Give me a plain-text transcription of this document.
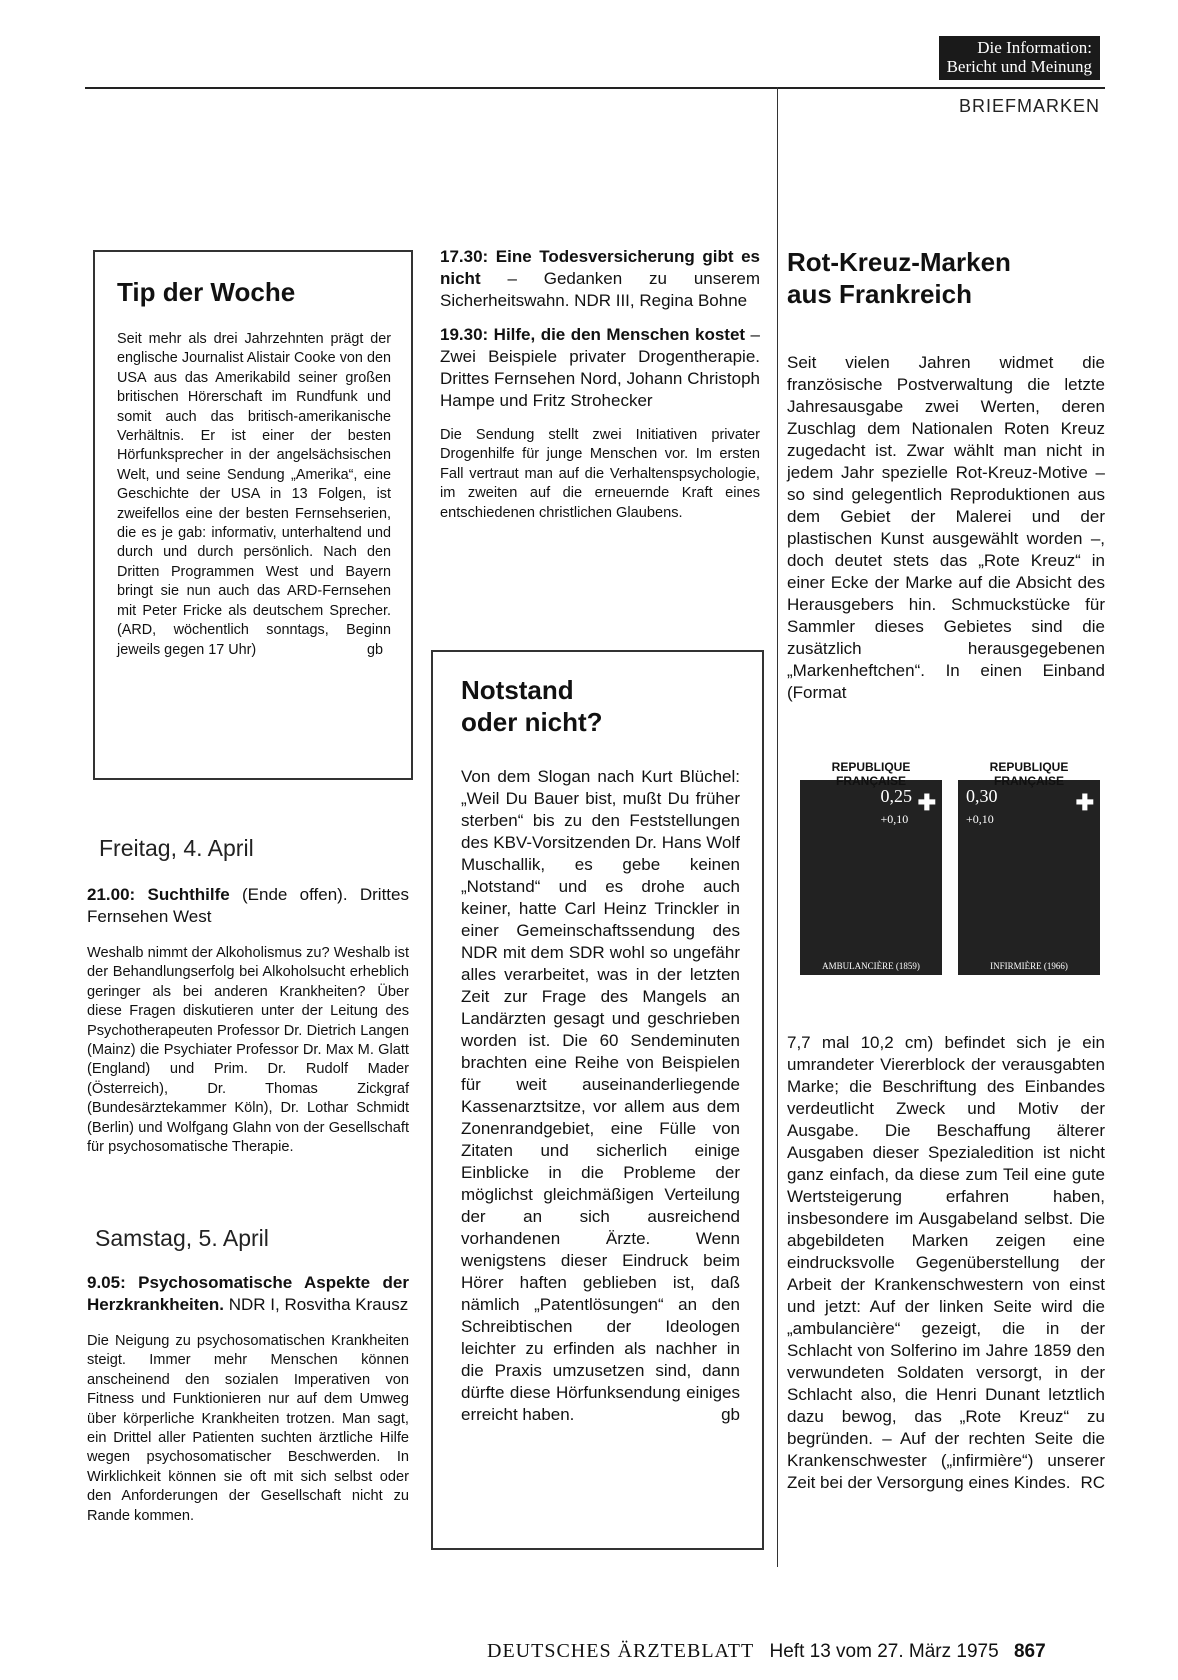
Die Information:
Bericht und Meinung
BRIEFMARKEN
Tip der Woche

Seit mehr als drei Jahrzehnten prägt der englische Journalist Alistair Cooke von den USA aus das Amerikabild seiner großen britischen Hörerschaft im Rundfunk und somit auch das britisch-amerikanische Verhältnis. Er ist einer der besten Hörfunksprecher in der angelsächsischen Welt, und seine Sendung „Amerika“, eine Geschichte der USA in 13 Folgen, ist zweifellos eine der besten Fernsehserien, die es je gab: informativ, unterhaltend und durch und durch persönlich. Nach den Dritten Programmen West und Bayern bringt sie nun auch das ARD-Fernsehen mit Peter Fricke als deutschem Sprecher. (ARD, wöchentlich sonntags, Beginn jeweils gegen 17 Uhr)	gb

Freitag, 4. April

21.00: Suchthilfe (Ende offen). Drittes Fernsehen West

Weshalb nimmt der Alkoholismus zu? Weshalb ist der Behandlungserfolg bei Alkoholsucht erheblich geringer als bei anderen Krankheiten? Über diese Fragen diskutieren unter der Leitung des Psychotherapeuten Professor Dr. Dietrich Langen (Mainz) die Psychiater Professor Dr. Max M. Glatt (England) und Prim. Dr. Rudolf Mader (Österreich), Dr. Thomas Zickgraf (Bundesärztekammer Köln), Dr. Lothar Schmidt (Berlin) und Wolfgang Glahn von der Gesellschaft für psychosomatische Therapie.

Samstag, 5. April

9.05: Psychosomatische Aspekte der Herzkrankheiten. NDR I, Rosvitha Krausz

Die Neigung zu psychosomatischen Krankheiten steigt. Immer mehr Menschen können anscheinend den sozialen Imperativen von Fitness und Funktionieren nur auf dem Umweg über körperliche Krankheiten trotzen. Man sagt, ein Drittel aller Patienten suchten ärztliche Hilfe wegen psychosomatischer Beschwerden. In Wirklichkeit können sie oft mit sich selbst oder den Anforderungen der Gesellschaft nicht zu Rande kommen.

17.30: Eine Todesversicherung gibt es nicht – Gedanken zu unserem Sicherheitswahn. NDR III, Regina Bohne

19.30: Hilfe, die den Menschen kostet – Zwei Beispiele privater Drogentherapie. Drittes Fernsehen Nord, Johann Christoph Hampe und Fritz Strohecker

Die Sendung stellt zwei Initiativen privater Drogenhilfe für junge Menschen vor. Im ersten Fall vertraut man auf die Verhaltenspsychologie, im zweiten auf die erneuernde Kraft eines entschiedenen christlichen Glaubens.

Notstand
oder nicht?

Von dem Slogan nach Kurt Blüchel: „Weil Du Bauer bist, mußt Du früher sterben“ bis zu den Feststellungen des KBV-Vorsitzenden Dr. Hans Wolf Muschallik, es gebe keinen „Notstand“ und es drohe auch keiner, hatte Carl Heinz Trinckler in einer Gemeinschaftssendung des NDR mit dem SDR wohl so ungefähr alles verarbeitet, was in der letzten Zeit zur Frage des Mangels an Landärzten gesagt und geschrieben worden ist. Die 60 Sendeminuten brachten eine Reihe von Beispielen für weit auseinanderliegende Kassenarztsitze, vor allem aus dem Zonenrandgebiet, eine Fülle von Zitaten und sicherlich einige Einblicke in die Probleme der möglichst gleichmäßigen Verteilung der an sich ausreichend vorhandenen Ärzte. Wenn wenigstens dieser Eindruck beim Hörer haften geblieben ist, daß nämlich „Patentlösungen“ an den Schreibtischen der Ideologen leichter zu erfinden als nachher in die Praxis umzusetzen sind, dann dürfte diese Hörfunksendung einiges erreicht haben.	gb

Rot-Kreuz-Marken
aus Frankreich

Seit vielen Jahren widmet die französische Postverwaltung die letzte Jahresausgabe zwei Werten, deren Zuschlag dem Nationalen Roten Kreuz zugedacht ist. Zwar wählt man nicht in jedem Jahr spezielle Rot-Kreuz-Motive – so sind gelegentlich Reproduktionen aus dem Gebiet der Malerei und der plastischen Kunst ausgewählt worden –, doch deutet stets das „Rote Kreuz“ in einer Ecke der Marke auf die Absicht des Herausgebers hin. Schmuckstücke für Sammler dieses Gebietes sind die zusätzlich herausgegebenen „Markenheftchen“. In einen Einband (Format

REPUBLIQUE FRANÇAISE
0,25
+0,10
✚
AMBULANCIÈRE (1859)
REPUBLIQUE FRANÇAISE
0,30
+0,10
✚
INFIRMIÈRE (1966)

7,7 mal 10,2 cm) befindet sich je ein umrandeter Viererblock der verausgabten Marke; die Beschriftung des Einbandes verdeutlicht Zweck und Motiv der Ausgabe. Die Beschaffung älterer Ausgaben dieser Spezialedition ist nicht ganz einfach, da diese zum Teil eine gute Wertsteigerung erfahren haben, insbesondere im Ausgabeland selbst. Die abgebildeten Marken zeigen eine eindrucksvolle Gegenüberstellung der Arbeit der Krankenschwestern von einst und jetzt: Auf der linken Seite wird die „ambulancière“ gezeigt, die in der Schlacht von Solferino im Jahre 1859 den verwundeten Soldaten versorgt, in der Schlacht also, die Henri Dunant letztlich dazu bewog, das „Rote Kreuz“ zu begründen. – Auf der rechten Seite die Krankenschwester („infirmière“) unserer Zeit bei der Versorgung eines Kindes. RC

DEUTSCHES ÄRZTEBLATT Heft 13 vom 27. März 1975 867
